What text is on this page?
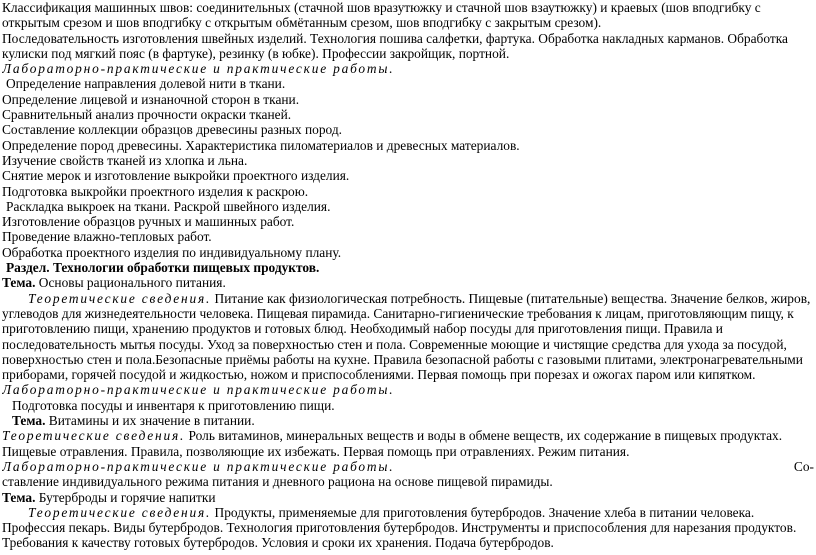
Классификация машинных швов: соединительных (стачной шов вразутюжку и стачной шов взаутюжку) и краевых (шов вподгибку с
открытым срезом и шов вподгибку с открытым обмётанным срезом, шов вподгибку с закрытым срезом).
Последовательность изготовления швейных изделий. Технология пошива салфетки, фартука. Обработка накладных карманов. Обработка
кулиски под мягкий пояс (в фартуке), резинку (в юбке). Профессии закройщик, портной.
Лабораторно-практические и практические работы.
Определение направления долевой нити в ткани.
Определение лицевой и изнаночной сторон в ткани.
Сравнительный анализ прочности окраски тканей.
Составление коллекции образцов древесины разных пород.
Определение пород древесины. Характеристика пиломатериалов и древесных материалов.
Изучение свойств тканей из хлопка и льна.
Снятие мерок и изготовление выкройки проектного изделия.
Подготовка выкройки проектного изделия к раскрою.
Раскладка выкроек на ткани. Раскрой швейного изделия.
Изготовление образцов ручных и машинных работ.
Проведение влажно-тепловых работ.
Обработка проектного изделия по индивидуальному плану.
Раздел. Технологии обработки пищевых продуктов.
Тема. Основы рационального питания.
Теоретические сведения. Питание как физиологическая потребность. Пищевые (питательные) вещества. Значение белков, жиров,
углеводов для жизнедеятельности человека. Пищевая пирамида. Санитарно-гигиенические требования к лицам, приготовляющим пищу, к
приготовлению пищи, хранению продуктов и готовых блюд. Необходимый набор посуды для приготовления пищи. Правила и
последовательность мытья посуды. Уход за поверхностью стен и пола. Современные моющие и чистящие средства для ухода за посудой,
поверхностью стен и пола.Безопасные приёмы работы на кухне. Правила безопасной работы с газовыми плитами, электронагревательными
приборами, горячей посудой и жидкостью, ножом и приспособлениями. Первая помощь при порезах и ожогах паром или кипятком.
Лабораторно-практические и практические работы.
Подготовка посуды и инвентаря к приготовлению пищи.
Тема. Витамины и их значение в питании.
Теоретические сведения. Роль витаминов, минеральных веществ и воды в обмене веществ, их содержание в пищевых продуктах.
Пищевые отравления. Правила, позволяющие их избежать. Первая помощь при отравлениях. Режим питания.
Лабораторно-практические и практические работы.	Со-
ставление индивидуального режима питания и дневного рациона на основе пищевой пирамиды.
Тема. Бутерброды и горячие напитки
Теоретические сведения. Продукты, применяемые для приготовления бутербродов. Значение хлеба в питании человека.
Профессия пекарь. Виды бутербродов. Технология приготовления бутербродов. Инструменты и приспособления для нарезания продуктов.
Требования к качеству готовых бутербродов. Условия и сроки их хранения. Подача бутербродов.
